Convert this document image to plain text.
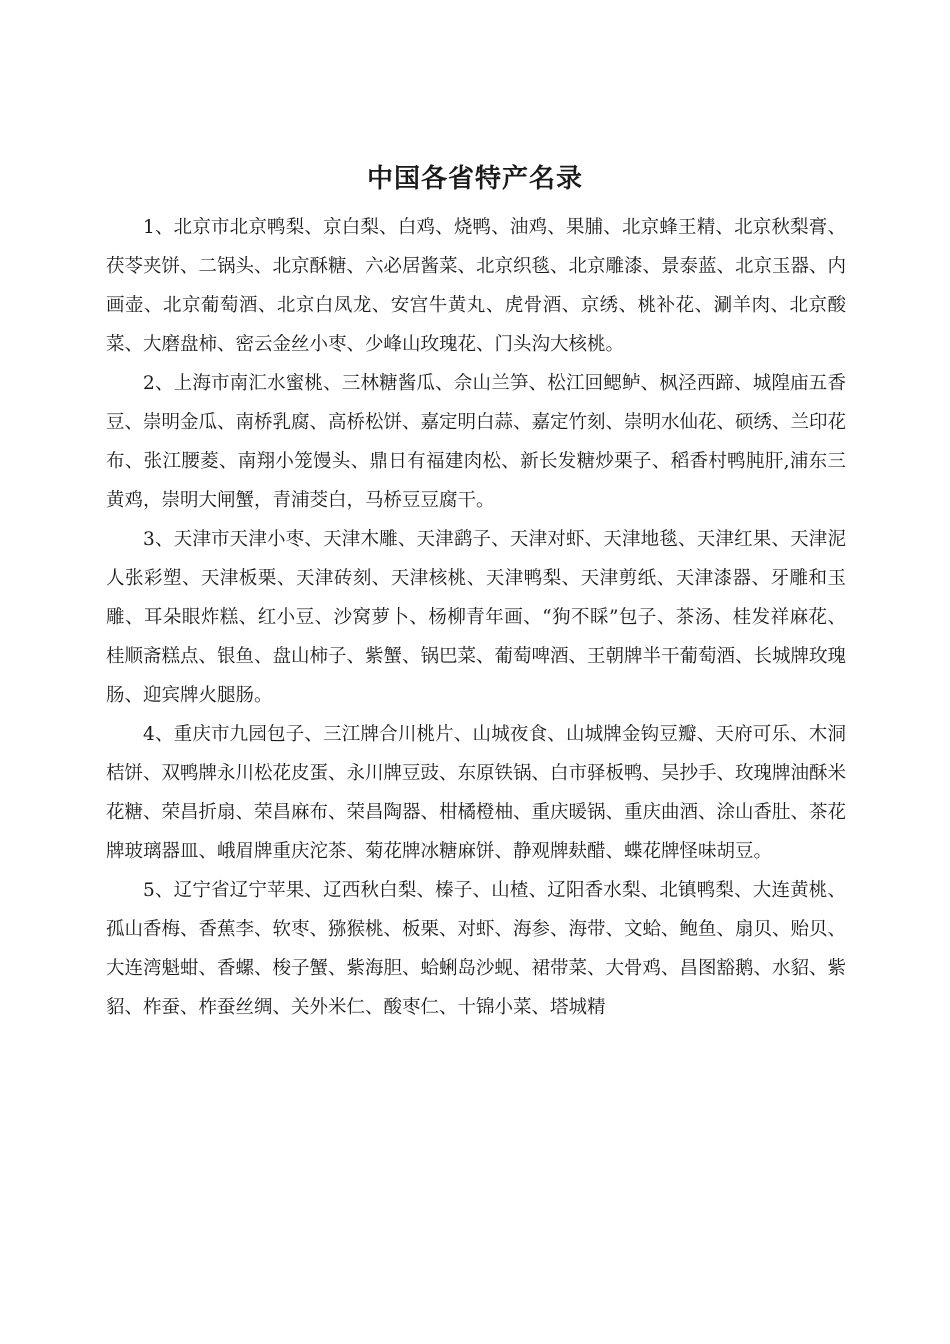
中国各省特产名录

1、北京市北京鸭梨、京白梨、白鸡、烧鸭、油鸡、果脯、北京蜂王精、北京秋梨膏、茯苓夹饼、二锅头、北京酥糖、六必居酱菜、北京织毯、北京雕漆、景泰蓝、北京玉器、内画壶、北京葡萄酒、北京白凤龙、安宫牛黄丸、虎骨酒、京绣、桃补花、涮羊肉、北京酸菜、大磨盘柿、密云金丝小枣、少峰山玫瑰花、门头沟大核桃。

2、上海市南汇水蜜桃、三林糖酱瓜、佘山兰笋、松江回鳃鲈、枫泾西蹄、城隍庙五香豆、崇明金瓜、南桥乳腐、高桥松饼、嘉定明白蒜、嘉定竹刻、崇明水仙花、硕绣、兰印花布、张江腰菱、南翔小笼馒头、鼎日有福建肉松、新长发糖炒栗子、稻香村鸭肫肝,浦东三黄鸡，崇明大闸蟹，青浦茭白，马桥豆豆腐干。

3、天津市天津小枣、天津木雕、天津鹞子、天津对虾、天津地毯、天津红果、天津泥人张彩塑、天津板栗、天津砖刻、天津核桃、天津鸭梨、天津剪纸、天津漆器、牙雕和玉雕、耳朵眼炸糕、红小豆、沙窝萝卜、杨柳青年画、“狗不睬”包子、茶汤、桂发祥麻花、桂顺斋糕点、银鱼、盘山柿子、紫蟹、锅巴菜、葡萄啤酒、王朝牌半干葡萄酒、长城牌玫瑰肠、迎宾牌火腿肠。

4、重庆市九园包子、三江牌合川桃片、山城夜食、山城牌金钩豆瓣、天府可乐、木洞桔饼、双鸭牌永川松花皮蛋、永川牌豆豉、东原铁锅、白市驿板鸭、吴抄手、玫瑰牌油酥米花糖、荣昌折扇、荣昌麻布、荣昌陶器、柑橘橙柚、重庆暖锅、重庆曲酒、涂山香肚、茶花牌玻璃器皿、峨眉牌重庆沱茶、菊花牌冰糖麻饼、静观牌麸醋、蝶花牌怪味胡豆。

5、辽宁省辽宁苹果、辽西秋白梨、榛子、山楂、辽阳香水梨、北镇鸭梨、大连黄桃、孤山香梅、香蕉李、软枣、猕猴桃、板栗、对虾、海参、海带、文蛤、鲍鱼、扇贝、贻贝、大连湾魁蚶、香螺、梭子蟹、紫海胆、蛤蜊岛沙蚬、裙带菜、大骨鸡、昌图豁鹅、水貂、紫貂、柞蚕、柞蚕丝绸、关外米仁、酸枣仁、十锦小菜、塔城精
